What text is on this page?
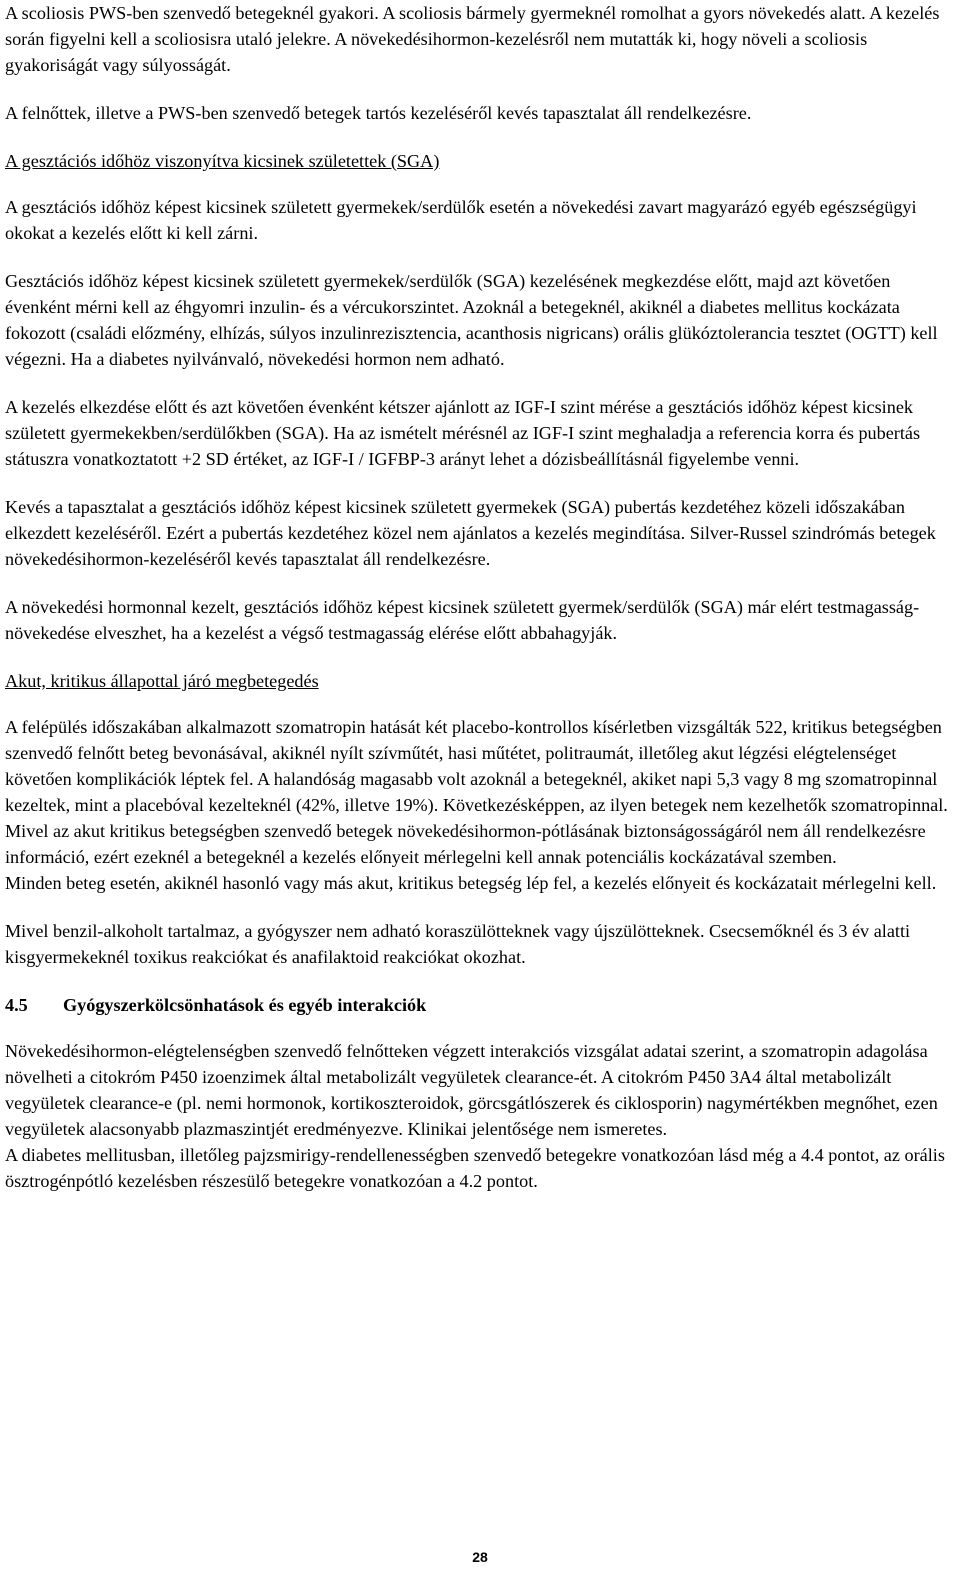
A scoliosis PWS-ben szenvedő betegeknél gyakori. A scoliosis bármely gyermeknél romolhat a gyors növekedés alatt. A kezelés során figyelni kell a scoliosisra utaló jelekre. A növekedésihormon-kezelésről nem mutatták ki, hogy növeli a scoliosis gyakoriságát vagy súlyosságát.

A felnőttek, illetve a PWS-ben szenvedő betegek tartós kezeléséről kevés tapasztalat áll rendelkezésre.

A gesztációs időhöz viszonyítva kicsinek születettek (SGA)

A gesztációs időhöz képest kicsinek született gyermekek/serdülők esetén a növekedési zavart magyarázó egyéb egészségügyi okokat a kezelés előtt ki kell zárni.

Gesztációs időhöz képest kicsinek született gyermekek/serdülők (SGA) kezelésének megkezdése előtt, majd azt követően évenként mérni kell az éhgyomri inzulin- és a vércukorszintet. Azoknál a betegeknél, akiknél a diabetes mellitus kockázata fokozott (családi előzmény, elhízás, súlyos inzulinrezisztencia, acanthosis nigricans) orális glükóztolerancia tesztet (OGTT) kell végezni. Ha a diabetes nyilvánvaló, növekedési hormon nem adható.

A kezelés elkezdése előtt és azt követően évenként kétszer ajánlott az IGF-I szint mérése a gesztációs időhöz képest kicsinek született gyermekekben/serdülőkben (SGA). Ha az ismételt mérésnél az IGF-I szint meghaladja a referencia korra és pubertás státuszra vonatkoztatott +2 SD értéket, az IGF-I / IGFBP-3 arányt lehet a dózisbeállításnál figyelembe venni.

Kevés a tapasztalat a gesztációs időhöz képest kicsinek született gyermekek (SGA) pubertás kezdetéhez közeli időszakában elkezdett kezeléséről. Ezért a pubertás kezdetéhez közel nem ajánlatos a kezelés megindítása. Silver-Russel szindrómás betegek növekedésihormon-kezeléséről kevés tapasztalat áll rendelkezésre.

A növekedési hormonnal kezelt, gesztációs időhöz képest kicsinek született gyermek/serdülők (SGA) már elért testmagasság-növekedése elveszhet, ha a kezelést a végső testmagasság elérése előtt abbahagyják.

Akut, kritikus állapottal járó megbetegedés

A felépülés időszakában alkalmazott szomatropin hatását két placebo-kontrollos kísérletben vizsgálták 522, kritikus betegségben szenvedő felnőtt beteg bevonásával, akiknél nyílt szívműtét, hasi műtétet, politraumát, illetőleg akut légzési elégtelenséget követően komplikációk léptek fel. A halandóság magasabb volt azoknál a betegeknél, akiket napi 5,3 vagy 8 mg szomatropinnal kezeltek, mint a placebóval kezelteknél (42%, illetve 19%). Következésképpen, az ilyen betegek nem kezelhetők szomatropinnal. Mivel az akut kritikus betegségben szenvedő betegek növekedésihormon-pótlásának biztonságosságáról nem áll rendelkezésre információ, ezért ezeknél a betegeknél a kezelés előnyeit mérlegelni kell annak potenciális kockázatával szemben.

Minden beteg esetén, akiknél hasonló vagy más akut, kritikus betegség lép fel, a kezelés előnyeit és kockázatait mérlegelni kell.

Mivel benzil-alkoholt tartalmaz, a gyógyszer nem adható koraszülötteknek vagy újszülötteknek. Csecsemőknél és 3 év alatti kisgyermekeknél toxikus reakciókat és anafilaktoid reakciókat okozhat.

4.5	Gyógyszerkölcsönhatások és egyéb interakciók

Növekedésihormon-elégtelenségben szenvedő felnőtteken végzett interakciós vizsgálat adatai szerint, a szomatropin adagolása növelheti a citokróm P450 izoenzimek által metabolizált vegyületek clearance-ét. A citokróm P450 3A4 által metabolizált vegyületek clearance-e (pl. nemi hormonok, kortikoszteroidok, görcsgátlószerek és ciklosporin) nagymértékben megnőhet, ezen vegyületek alacsonyabb plazmaszintjét eredményezve. Klinikai jelentősége nem ismeretes.

A diabetes mellitusban, illetőleg pajzsmirigy-rendellenességben szenvedő betegekre vonatkozóan lásd még a 4.4 pontot, az orális ösztrogénpótló kezelésben részesülő betegekre vonatkozóan a 4.2 pontot.

28
